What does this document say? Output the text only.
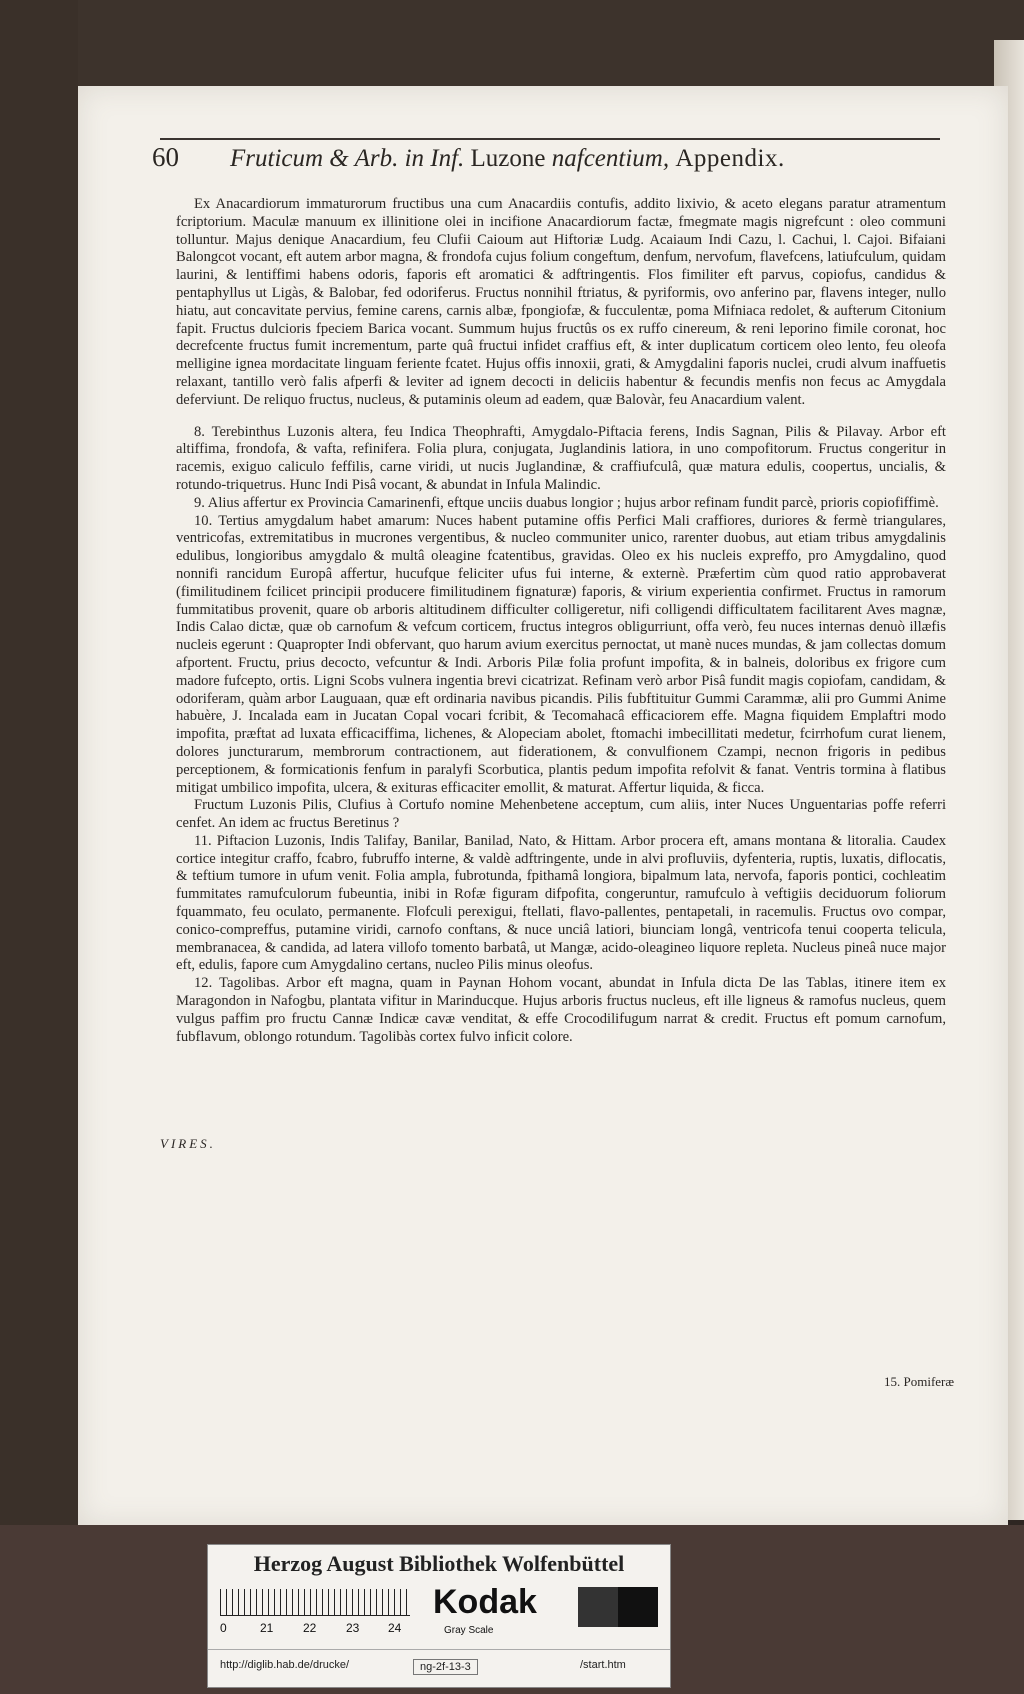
60	Fruticum & Arb. in Inf. Luzone nafcentium, Appendix.

Ex Anacardiorum immaturorum fructibus una cum Anacardiis contufis, addito lixivio, & aceto elegans paratur atramentum fcriptorium. Maculæ manuum ex illinitione olei in incifione Anacardiorum factæ, fmegmate magis nigrefcunt : oleo communi tolluntur. Majus denique Anacardium, feu Clufii Caioum aut Hiftoriæ Ludg. Acaiaum Indi Cazu, l. Cachui, l. Cajoi. Bifaiani Balongcot vocant, eft autem arbor magna, & frondofa cujus folium congeftum, denfum, nervofum, flavefcens, latiufculum, quidam laurini, & lentiffimi habens odoris, faporis eft aromatici & adftringentis. Flos fimiliter eft parvus, copiofus, candidus & pentaphyllus ut Ligàs, & Balobar, fed odoriferus. Fructus nonnihil ftriatus, & pyriformis, ovo anferino par, flavens integer, nullo hiatu, aut concavitate pervius, femine carens, carnis albæ, fpongiofæ, & fucculentæ, poma Mifniaca redolet, & aufterum Citonium fapit. Fructus dulcioris fpeciem Barica vocant. Summum hujus fructûs os ex ruffo cinereum, & reni leporino fimile coronat, hoc decrefcente fructus fumit incrementum, parte quâ fructui infidet craffius eft, & inter duplicatum corticem oleo lento, feu oleofa melligine ignea mordacitate linguam feriente fcatet. Hujus offis innoxii, grati, & Amygdalini faporis nuclei, crudi alvum inaffuetis relaxant, tantillo verò falis afperfi & leviter ad ignem decocti in deliciis habentur & fecundis menfis non fecus ac Amygdala deferviunt. De reliquo fructus, nucleus, & putaminis oleum ad eadem, quæ Balovàr, feu Anacardium valent.

8. Terebinthus Luzonis altera, feu Indica Theophrafti, Amygdalo-Piftacia ferens, Indis Sagnan, Pilis & Pilavay. Arbor eft altiffima, frondofa, & vafta, refinifera. Folia plura, conjugata, Juglandinis latiora, in uno compofitorum. Fructus congeritur in racemis, exiguo caliculo feffilis, carne viridi, ut nucis Juglandinæ, & craffiufculâ, quæ matura edulis, coopertus, uncialis, & rotundo-triquetrus. Hunc Indi Pisâ vocant, & abundat in Infula Malindic.

9. Alius affertur ex Provincia Camarinenfi, eftque unciis duabus longior ; hujus arbor refinam fundit parcè, prioris copiofiffimè.

10. Tertius amygdalum habet amarum: Nuces habent putamine offis Perfici Mali craffiores, duriores & fermè triangulares, ventricofas, extremitatibus in mucrones vergentibus, & nucleo communiter unico, rarenter duobus, aut etiam tribus amygdalinis edulibus, longioribus amygdalo & multâ oleagine fcatentibus, gravidas. Oleo ex his nucleis expreffo, pro Amygdalino, quod nonnifi rancidum Europâ affertur, hucufque feliciter ufus fui interne, & externè. Præfertim cùm quod ratio approbaverat (fimilitudinem fcilicet principii producere fimilitudinem fignaturæ) faporis, & virium experientia confirmet. Fructus in ramorum fummitatibus provenit, quare ob arboris altitudinem difficulter colligeretur, nifi colligendi difficultatem facilitarent Aves magnæ, Indis Calao dictæ, quæ ob carnofum & vefcum corticem, fructus integros obligurriunt, offa verò, feu nuces internas denuò illæfis nucleis egerunt : Quapropter Indi obfervant, quo harum avium exercitus pernoctat, ut manè nuces mundas, & jam collectas domum afportent. Fructu, prius decocto, vefcuntur & Indi. Arboris Pilæ folia profunt impofita, & in balneis, doloribus ex frigore cum madore fufcepto, ortis. Ligni Scobs vulnera ingentia brevi cicatrizat. Refinam verò arbor Pisâ fundit magis copiofam, candidam, & odoriferam, quàm arbor Lauguaan, quæ eft ordinaria navibus picandis. Pilis fubftituitur Gummi Carammæ, alii pro Gummi Anime habuère, J. Incalada eam in Jucatan Copal vocari fcribit, & Tecomahacâ efficaciorem effe. Magna fiquidem Emplaftri modo impofita, præftat ad luxata efficaciffima, lichenes, & Alopeciam abolet, ftomachi imbecillitati medetur, fcirrhofum curat lienem, dolores juncturarum, membrorum contractionem, aut fiderationem, & convulfionem Czampi, necnon frigoris in pedibus perceptionem, & formicationis fenfum in paralyfi Scorbutica, plantis pedum impofita refolvit & fanat. Ventris tormina à flatibus mitigat umbilico impofita, ulcera, & exituras efficaciter emollit, & maturat. Affertur liquida, & ficca.

Fructum Luzonis Pilis, Clufius à Cortufo nomine Mehenbetene acceptum, cum aliis, inter Nuces Unguentarias poffe referri cenfet. An idem ac fructus Beretinus ?

11. Piftacion Luzonis, Indis Talifay, Banilar, Banilad, Nato, & Hittam. Arbor procera eft, amans montana & litoralia. Caudex cortice integitur craffo, fcabro, fubruffo interne, & valdè adftringente, unde in alvi profluviis, dyfenteria, ruptis, luxatis, diflocatis, & teftium tumore in ufum venit. Folia ampla, fubrotunda, fpithamâ longiora, bipalmum lata, nervofa, faporis pontici, cochleatim fummitates ramufculorum fubeuntia, inibi in Rofæ figuram difpofita, congeruntur, ramufculo à veftigiis deciduorum foliorum fquammato, feu oculato, permanente. Flofculi perexigui, ftellati, flavo-pallentes, pentapetali, in racemulis. Fructus ovo compar, conico-compreffus, putamine viridi, carnofo conftans, & nuce unciâ latiori, biunciam longâ, ventricofa tenui cooperta telicula, membranacea, & candida, ad latera villofo tomento barbatâ, ut Mangæ, acido-oleagineo liquore repleta. Nucleus pineâ nuce major eft, edulis, fapore cum Amygdalino certans, nucleo Pilis minus oleofus.

12. Tagolibas. Arbor eft magna, quam in Paynan Hohom vocant, abundat in Infula dicta De las Tablas, itinere item ex Maragondon in Nafogbu, plantata vifitur in Marinducque. Hujus arboris fructus nucleus, eft ille ligneus & ramofus nucleus, quem vulgus paffim pro fructu Cannæ Indicæ cavæ venditat, & effe Crocodilifugum narrat & credit. Fructus eft pomum carnofum, fubflavum, oblongo rotundum. Tagolibàs cortex fulvo inficit colore.

VIRES.
15. Pomiferæ
Herzog August Bibliothek Wolfenbüttel
0	21 22 23 24
Kodak
Gray Scale
http://diglib.hab.de/drucke/	ng-2f-13-3	/start.htm
